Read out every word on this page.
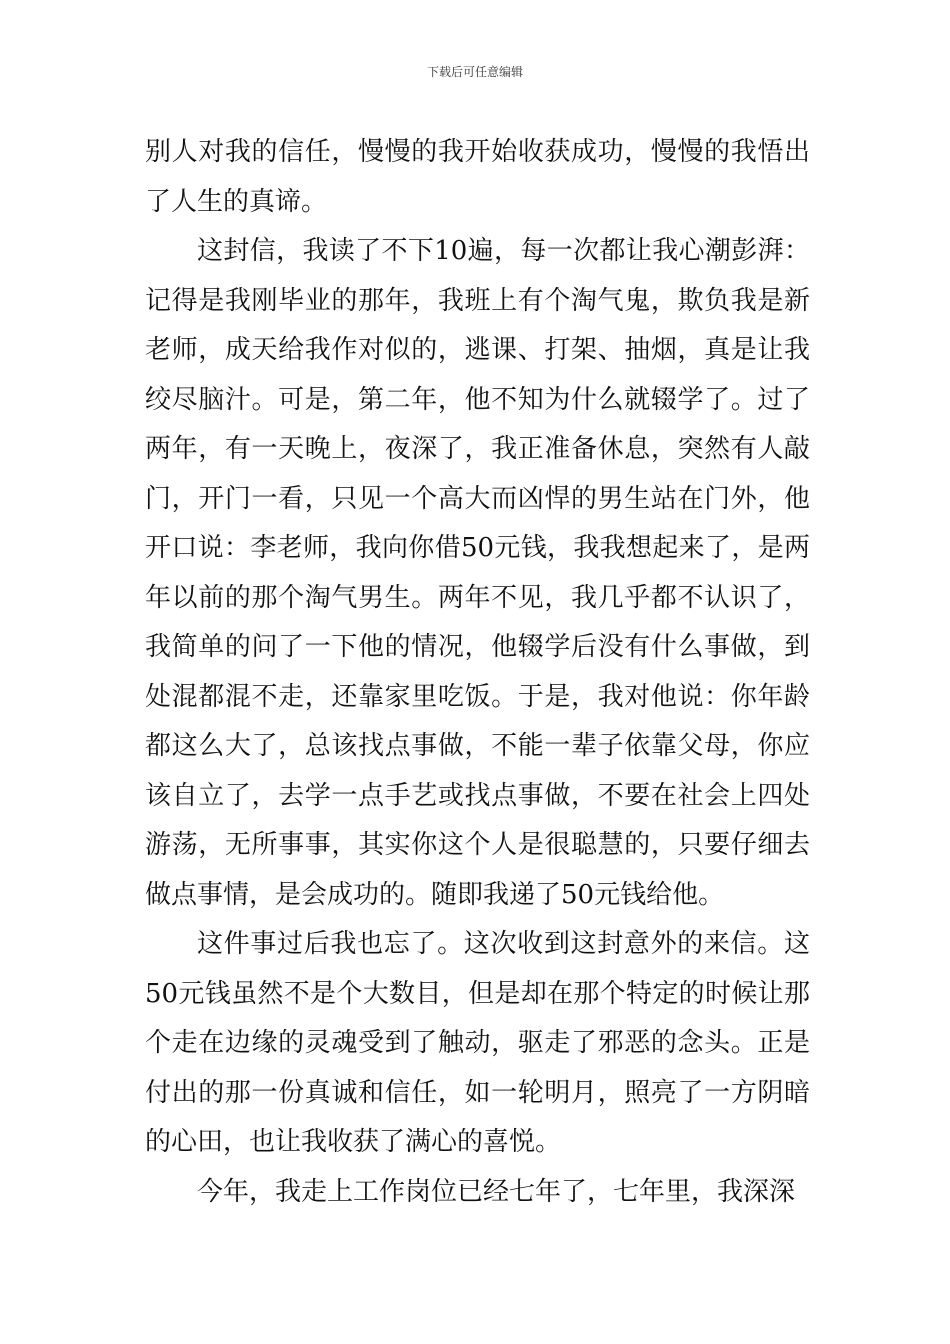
下载后可任意编辑

别人对我的信任，慢慢的我开始收获成功，慢慢的我悟出了人生的真谛。

这封信，我读了不下10遍，每一次都让我心潮彭湃：记得是我刚毕业的那年，我班上有个淘气鬼，欺负我是新老师，成天给我作对似的，逃课、打架、抽烟，真是让我绞尽脑汁。可是，第二年，他不知为什么就辍学了。过了两年，有一天晚上，夜深了，我正准备休息，突然有人敲门，开门一看，只见一个高大而凶悍的男生站在门外，他开口说：李老师，我向你借50元钱，我我想起来了，是两年以前的那个淘气男生。两年不见，我几乎都不认识了，我简单的问了一下他的情况，他辍学后没有什么事做，到处混都混不走，还靠家里吃饭。于是，我对他说：你年龄都这么大了，总该找点事做，不能一辈子依靠父母，你应该自立了，去学一点手艺或找点事做，不要在社会上四处游荡，无所事事，其实你这个人是很聪慧的，只要仔细去做点事情，是会成功的。随即我递了50元钱给他。

这件事过后我也忘了。这次收到这封意外的来信。这50元钱虽然不是个大数目，但是却在那个特定的时候让那个走在边缘的灵魂受到了触动，驱走了邪恶的念头。正是付出的那一份真诚和信任，如一轮明月，照亮了一方阴暗的心田，也让我收获了满心的喜悦。

今年，我走上工作岗位已经七年了，七年里，我深深
